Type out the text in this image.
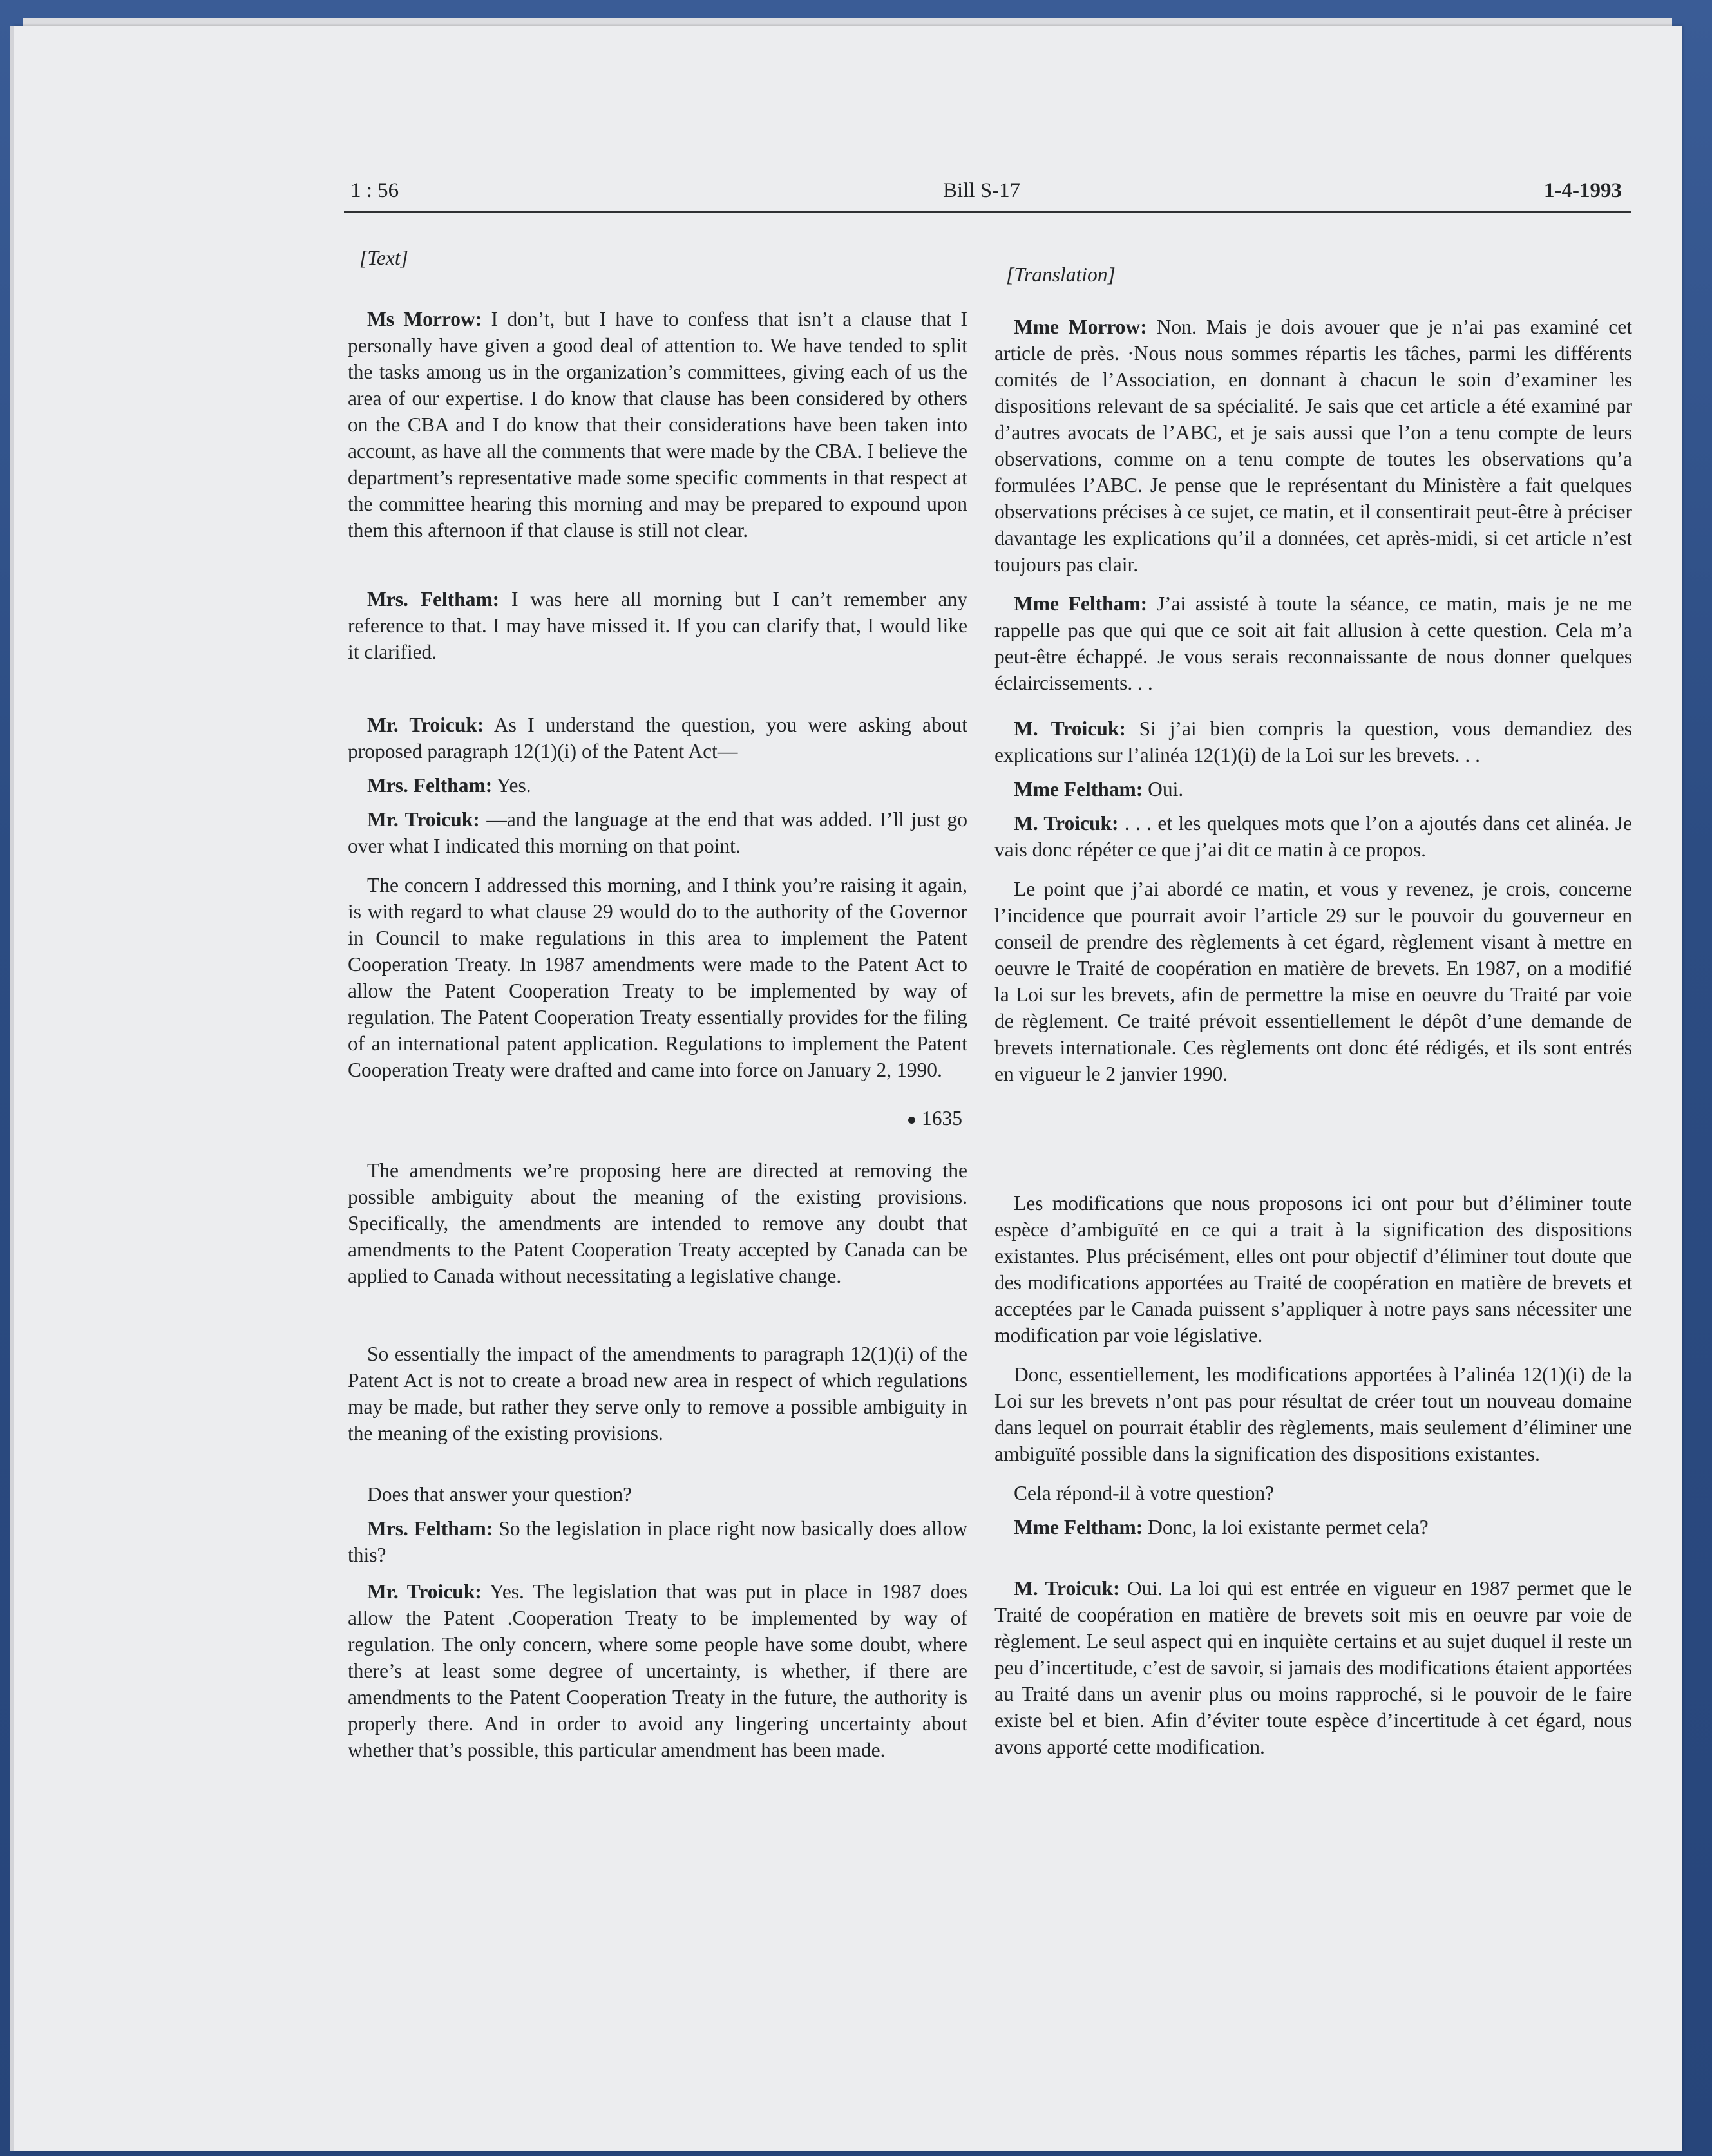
1 : 56	Bill S-17	1-4-1993
[Text]

Ms Morrow: I don’t, but I have to confess that isn’t a clause that I personally have given a good deal of attention to. We have tended to split the tasks among us in the organization’s committees, giving each of us the area of our expertise. I do know that clause has been considered by others on the CBA and I do know that their considerations have been taken into account, as have all the comments that were made by the CBA. I believe the department’s representative made some specific comments in that respect at the committee hearing this morning and may be prepared to expound upon them this afternoon if that clause is still not clear.

Mrs. Feltham: I was here all morning but I can’t remember any reference to that. I may have missed it. If you can clarify that, I would like it clarified.

Mr. Troicuk: As I understand the question, you were asking about proposed paragraph 12(1)(i) of the Patent Act—

Mrs. Feltham: Yes.

Mr. Troicuk: —and the language at the end that was added. I’ll just go over what I indicated this morning on that point.

The concern I addressed this morning, and I think you’re raising it again, is with regard to what clause 29 would do to the authority of the Governor in Council to make regulations in this area to implement the Patent Cooperation Treaty. In 1987 amendments were made to the Patent Act to allow the Patent Cooperation Treaty to be implemented by way of regulation. The Patent Cooperation Treaty essentially provides for the filing of an international patent application. Regulations to implement the Patent Cooperation Treaty were drafted and came into force on January 2, 1990.

1635

The amendments we’re proposing here are directed at removing the possible ambiguity about the meaning of the existing provisions. Specifically, the amendments are intended to remove any doubt that amendments to the Patent Cooperation Treaty accepted by Canada can be applied to Canada without necessitating a legislative change.

So essentially the impact of the amendments to paragraph 12(1)(i) of the Patent Act is not to create a broad new area in respect of which regulations may be made, but rather they serve only to remove a possible ambiguity in the meaning of the existing provisions.

Does that answer your question?

Mrs. Feltham: So the legislation in place right now basically does allow this?

Mr. Troicuk: Yes. The legislation that was put in place in 1987 does allow the Patent .Cooperation Treaty to be implemented by way of regulation. The only concern, where some people have some doubt, where there’s at least some degree of uncertainty, is whether, if there are amendments to the Patent Cooperation Treaty in the future, the authority is properly there. And in order to avoid any lingering uncertainty about whether that’s possible, this particular amendment has been made.

[Translation]

Mme Morrow: Non. Mais je dois avouer que je n’ai pas examiné cet article de près. ·Nous nous sommes répartis les tâches, parmi les différents comités de l’Association, en donnant à chacun le soin d’examiner les dispositions relevant de sa spécialité. Je sais que cet article a été examiné par d’autres avocats de l’ABC, et je sais aussi que l’on a tenu compte de leurs observations, comme on a tenu compte de toutes les observations qu’a formulées l’ABC. Je pense que le représentant du Ministère a fait quelques observations précises à ce sujet, ce matin, et il consentirait peut-être à préciser davantage les explications qu’il a données, cet après-midi, si cet article n’est toujours pas clair.

Mme Feltham: J’ai assisté à toute la séance, ce matin, mais je ne me rappelle pas que qui que ce soit ait fait allusion à cette question. Cela m’a peut-être échappé. Je vous serais reconnaissante de nous donner quelques éclaircissements. . .

M. Troicuk: Si j’ai bien compris la question, vous demandiez des explications sur l’alinéa 12(1)(i) de la Loi sur les brevets. . .

Mme Feltham: Oui.

M. Troicuk: . . . et les quelques mots que l’on a ajoutés dans cet alinéa. Je vais donc répéter ce que j’ai dit ce matin à ce propos.

Le point que j’ai abordé ce matin, et vous y revenez, je crois, concerne l’incidence que pourrait avoir l’article 29 sur le pouvoir du gouverneur en conseil de prendre des règlements à cet égard, règlement visant à mettre en oeuvre le Traité de coopération en matière de brevets. En 1987, on a modifié la Loi sur les brevets, afin de permettre la mise en oeuvre du Traité par voie de règlement. Ce traité prévoit essentiellement le dépôt d’une demande de brevets internationale. Ces règlements ont donc été rédigés, et ils sont entrés en vigueur le 2 janvier 1990.

Les modifications que nous proposons ici ont pour but d’éliminer toute espèce d’ambiguïté en ce qui a trait à la signification des dispositions existantes. Plus précisément, elles ont pour objectif d’éliminer tout doute que des modifications apportées au Traité de coopération en matière de brevets et acceptées par le Canada puissent s’appliquer à notre pays sans nécessiter une modification par voie législative.

Donc, essentiellement, les modifications apportées à l’alinéa 12(1)(i) de la Loi sur les brevets n’ont pas pour résultat de créer tout un nouveau domaine dans lequel on pourrait établir des règlements, mais seulement d’éliminer une ambiguïté possible dans la signification des dispositions existantes.

Cela répond-il à votre question?

Mme Feltham: Donc, la loi existante permet cela?

M. Troicuk: Oui. La loi qui est entrée en vigueur en 1987 permet que le Traité de coopération en matière de brevets soit mis en oeuvre par voie de règlement. Le seul aspect qui en inquiète certains et au sujet duquel il reste un peu d’incertitude, c’est de savoir, si jamais des modifications étaient apportées au Traité dans un avenir plus ou moins rapproché, si le pouvoir de le faire existe bel et bien. Afin d’éviter toute espèce d’incertitude à cet égard, nous avons apporté cette modification.
